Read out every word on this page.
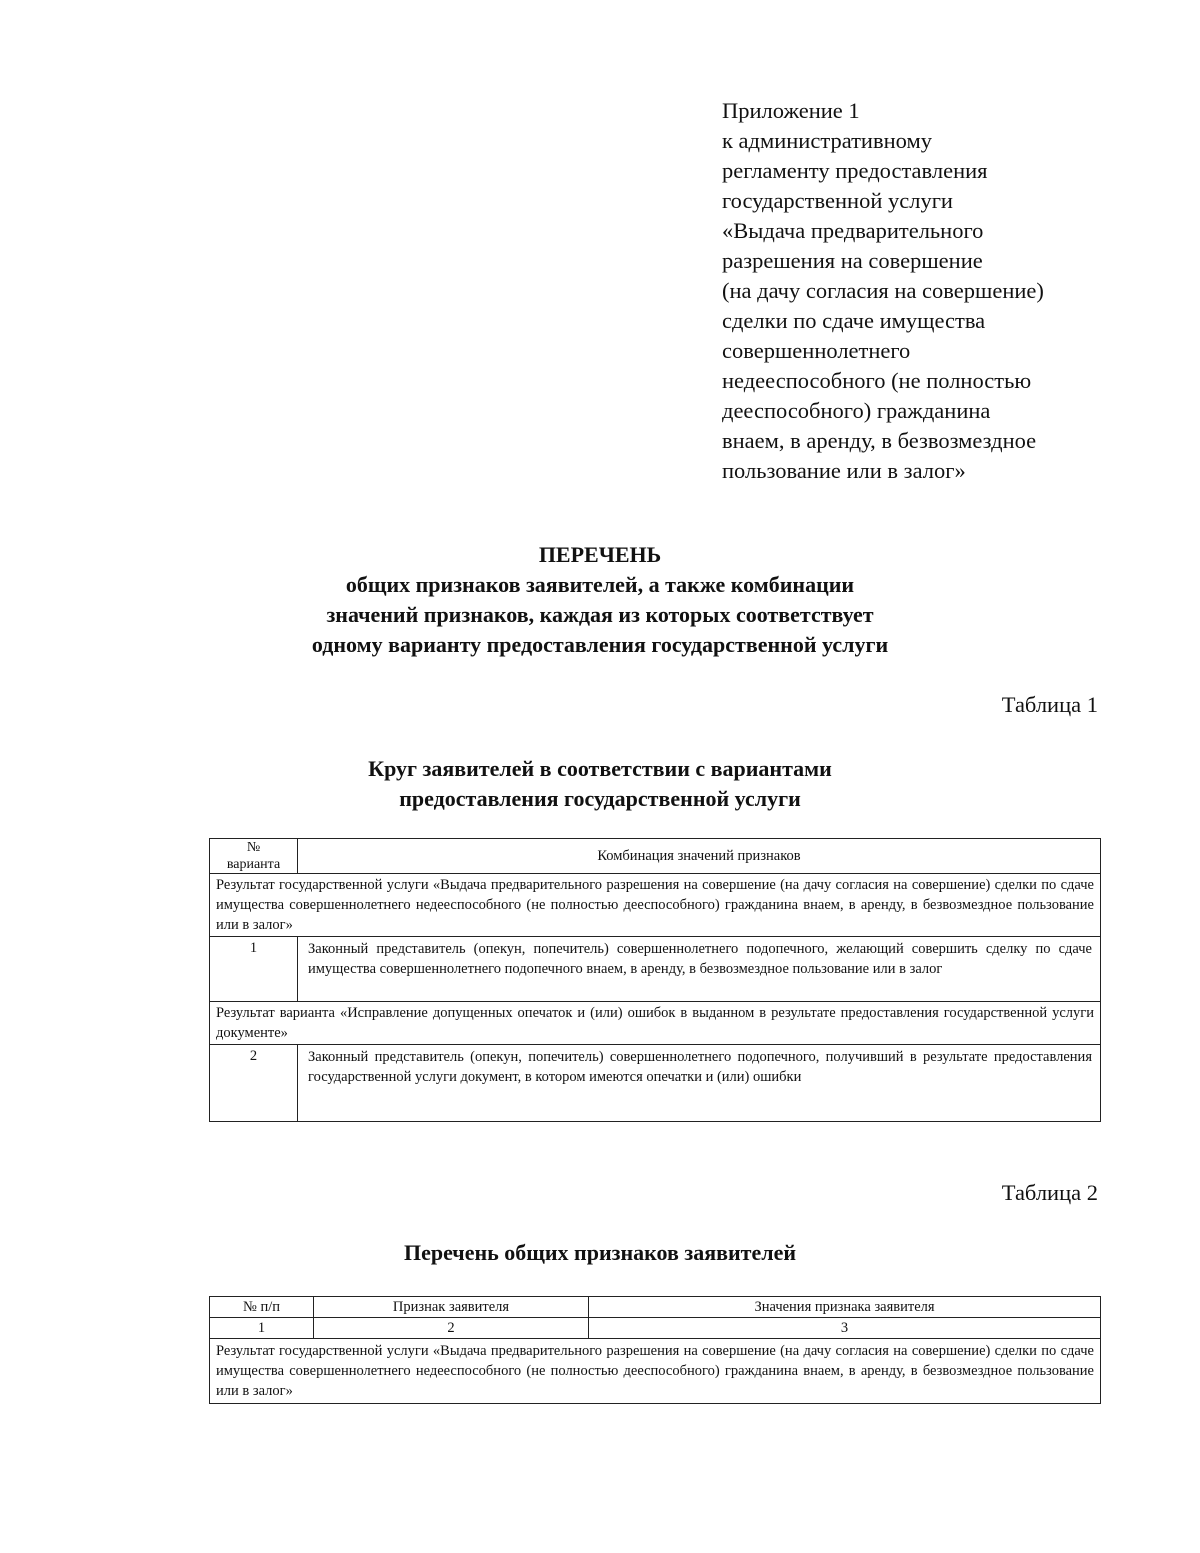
Приложение 1
к административному
регламенту предоставления
государственной услуги
«Выдача предварительного
разрешения на совершение
(на дачу согласия на совершение)
сделки по сдаче имущества
совершеннолетнего
недееспособного (не полностью
дееспособного) гражданина
внаем, в аренду, в безвозмездное
пользование или в залог»
ПЕРЕЧЕНЬ
общих признаков заявителей, а также комбинации
значений признаков, каждая из которых соответствует
одному варианту предоставления государственной услуги
Таблица 1
Круг заявителей в соответствии с вариантами
предоставления государственной услуги
№
варианта	Комбинация значений признаков
Результат государственной услуги «Выдача предварительного разрешения на совершение (на дачу согласия на совершение) сделки по сдаче имущества совершеннолетнего недееспособного (не полностью дееспособного) гражданина внаем, в аренду, в безвозмездное пользование или в залог»	
1	Законный представитель (опекун, попечитель) совершеннолетнего подопечного, желающий совершить сделку по сдаче имущества совершеннолетнего подопечного внаем, в аренду, в безвозмездное пользование или в залог
Результат варианта «Исправление допущенных опечаток и (или) ошибок в выданном в результате предоставления государственной услуги документе»	
2	Законный представитель (опекун, попечитель) совершеннолетнего подопечного, получивший в результате предоставления государственной услуги документ, в котором имеются опечатки и (или) ошибки
Таблица 2
Перечень общих признаков заявителей
№ п/п	Признак заявителя	Значения признака заявителя
1	2	3
Результат государственной услуги «Выдача предварительного разрешения на совершение (на дачу согласия на совершение) сделки по сдаче имущества совершеннолетнего недееспособного (не полностью дееспособного) гражданина внаем, в аренду, в безвозмездное пользование или в залог»		
